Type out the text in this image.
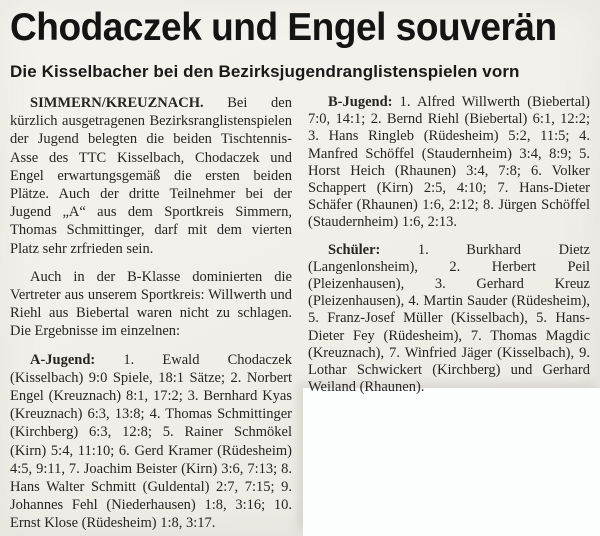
Chodaczek und Engel souverän
Die Kisselbacher bei den Bezirksjugendranglistenspielen vorn

SIMMERN/KREUZNACH. Bei den kürzlich ausgetragenen Bezirksranglistenspielen der Jugend belegten die beiden Tischtennis-Asse des TTC Kisselbach, Chodaczek und Engel erwartungsgemäß die ersten beiden Plätze. Auch der dritte Teilnehmer bei der Jugend „A“ aus dem Sportkreis Simmern, Thomas Schmittinger, darf mit dem vierten Platz sehr zrfrieden sein.

Auch in der B-Klasse dominierten die Vertreter aus unserem Sportkreis: Willwerth und Riehl aus Biebertal waren nicht zu schlagen. Die Ergebnisse im einzelnen:

A-Jugend: 1. Ewald Chodaczek (Kisselbach) 9:0 Spiele, 18:1 Sätze; 2. Norbert Engel (Kreuznach) 8:1, 17:2; 3. Bernhard Kyas (Kreuznach) 6:3, 13:8; 4. Thomas Schmittinger (Kirchberg) 6:3, 12:8; 5. Rainer Schmökel (Kirn) 5:4, 11:10; 6. Gerd Kramer (Rüdesheim) 4:5, 9:11, 7. Joachim Beister (Kirn) 3:6, 7:13; 8. Hans Walter Schmitt (Guldental) 2:7, 7:15; 9. Johannes Fehl (Niederhausen) 1:8, 3:16; 10. Ernst Klose (Rüdesheim) 1:8, 3:17.

B-Jugend: 1. Alfred Willwerth (Biebertal) 7:0, 14:1; 2. Bernd Riehl (Biebertal) 6:1, 12:2; 3. Hans Ringleb (Rüdesheim) 5:2, 11:5; 4. Manfred Schöffel (Staudernheim) 3:4, 8:9; 5. Horst Heich (Rhaunen) 3:4, 7:8; 6. Volker Schappert (Kirn) 2:5, 4:10; 7. Hans-Dieter Schäfer (Rhaunen) 1:6, 2:12; 8. Jürgen Schöffel (Staudernheim) 1:6, 2:13.

Schüler: 1. Burkhard Dietz (Langenlonsheim), 2. Herbert Peil (Pleizenhausen), 3. Gerhard Kreuz (Pleizenhausen), 4. Martin Sauder (Rüdesheim), 5. Franz-Josef Müller (Kisselbach), 5. Hans-Dieter Fey (Rüdesheim), 7. Thomas Magdic (Kreuznach), 7. Winfried Jäger (Kisselbach), 9. Lothar Schwickert (Kirchberg) und Gerhard Weiland (Rhaunen).
